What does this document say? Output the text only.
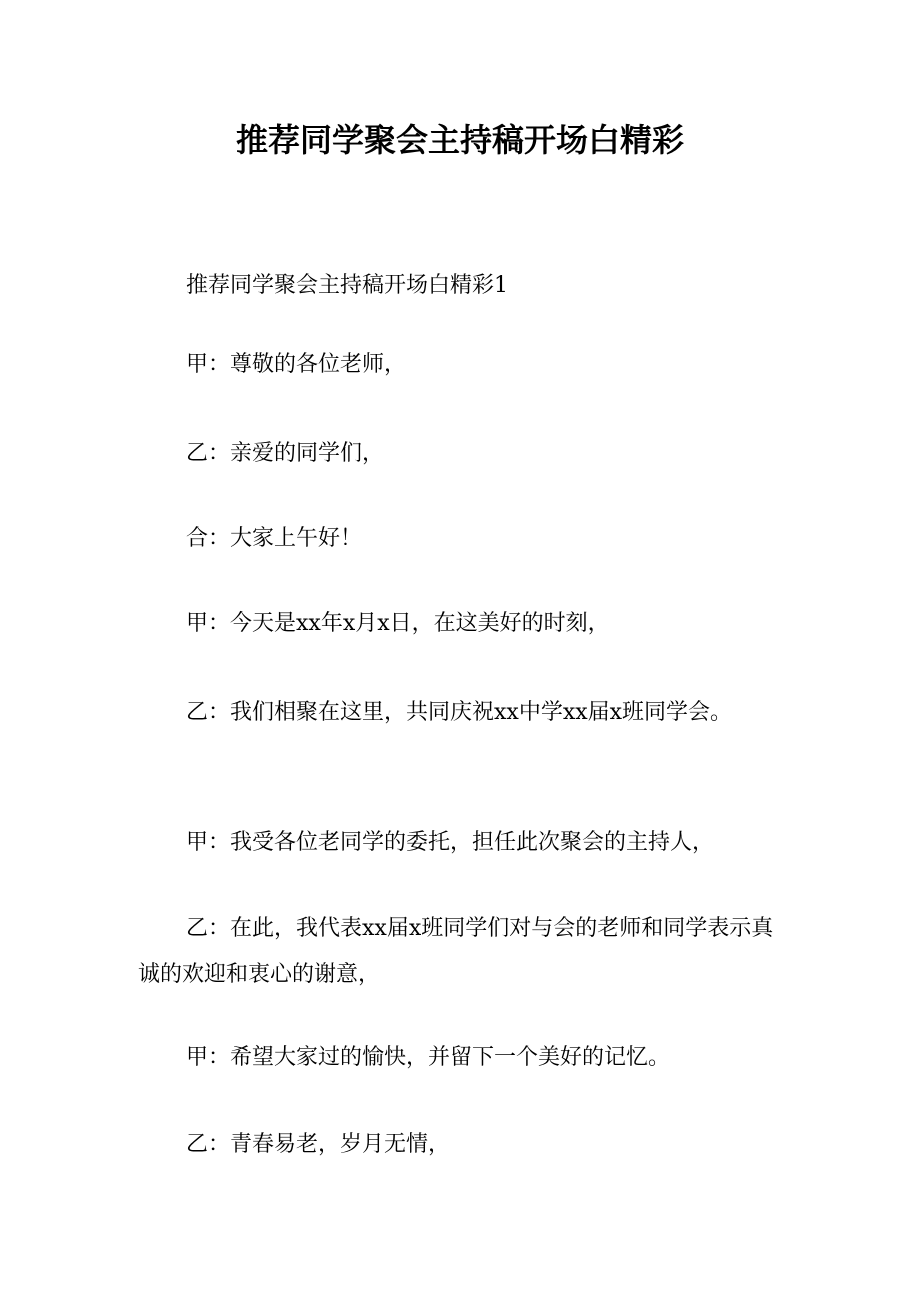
推荐同学聚会主持稿开场白精彩

推荐同学聚会主持稿开场白精彩1

甲：尊敬的各位老师，

乙：亲爱的同学们，

合：大家上午好！

甲：今天是xx年x月x日，在这美好的时刻，

乙：我们相聚在这里，共同庆祝xx中学xx届x班同学会。

甲：我受各位老同学的委托，担任此次聚会的主持人，

乙：在此，我代表xx届x班同学们对与会的老师和同学表示真诚的欢迎和衷心的谢意，

甲：希望大家过的愉快，并留下一个美好的记忆。

乙：青春易老，岁月无情，
